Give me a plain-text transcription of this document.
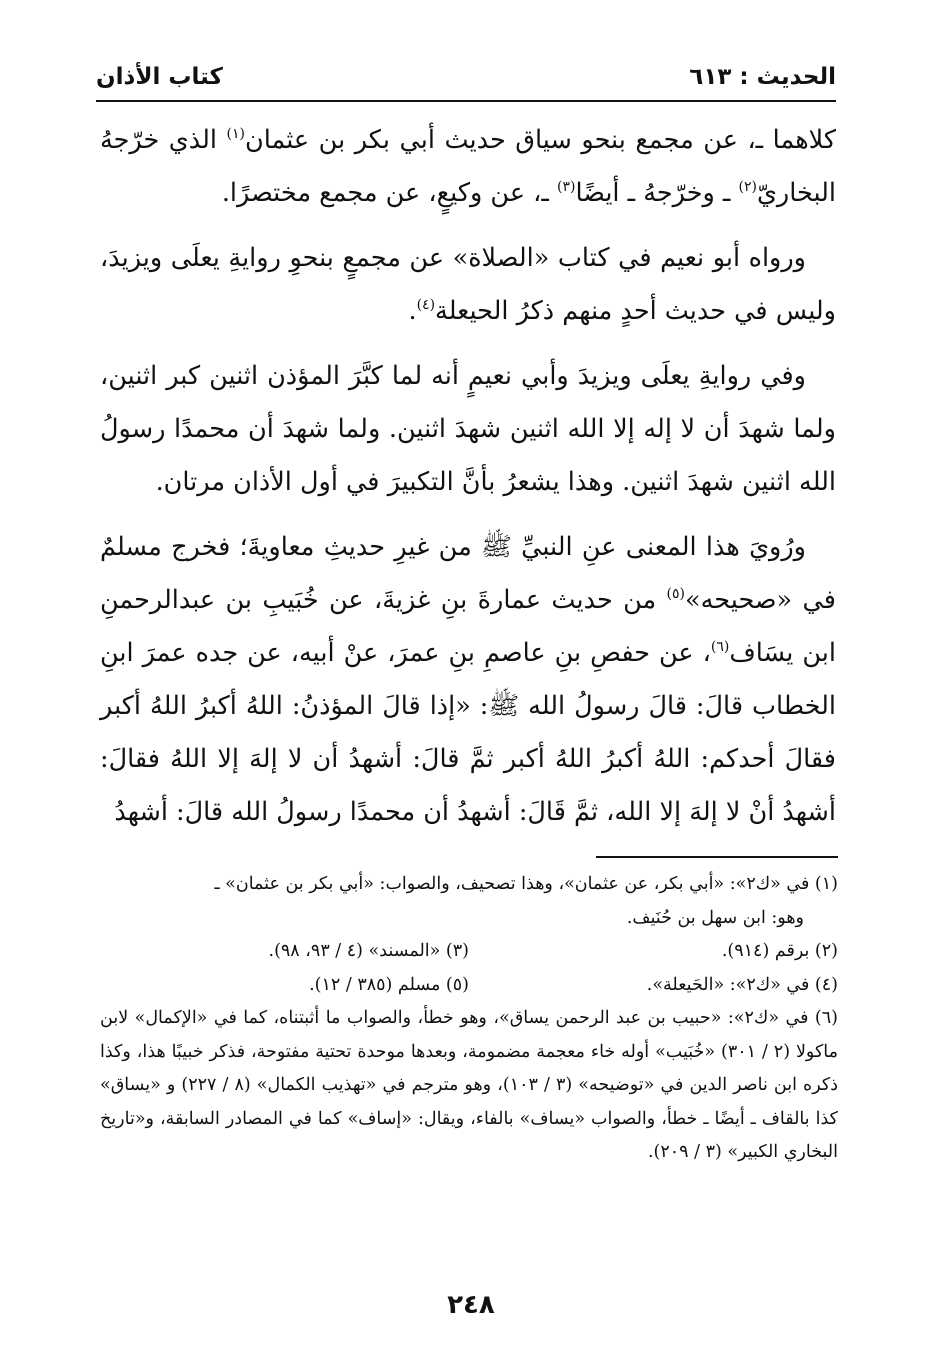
الحديث : ٦١٣
كتاب الأذان

كلاهما ـ، عن مجمع بنحو سياق حديث أبي بكر بن عثمان$^{(١)}$ الذي خرّجهُ البخاريّ$^{(٢)}$ ـ وخرّجهُ ـ أيضًا$^{(٣)}$ ـ، عن وكيعٍ، عن مجمع مختصرًا.

ورواه أبو نعيم في كتاب «الصلاة» عن مجمعٍ بنحوِ روايةِ يعلَى ويزيدَ، وليس في حديث أحدٍ منهم ذكرُ الحيعلة$^{(٤)}$.

وفي روايةِ يعلَى ويزيدَ وأبي نعيمٍ أنه لما كبَّرَ المؤذن اثنين كبر اثنين، ولما شهدَ أن لا إله إلا الله اثنين شهدَ اثنين. ولما شهدَ أن محمدًا رسولُ الله اثنين شهدَ اثنين. وهذا يشعرُ بأنَّ التكبيرَ في أول الأذان مرتان.

ورُويَ هذا المعنى عنِ النبيِّ ﷺ من غيرِ حديثِ معاويةَ؛ فخرج مسلمٌ في «صحيحه»$^{(٥)}$ من حديث عمارةَ بنِ غزيةَ، عن خُبَيبِ بن عبدالرحمنِ ابن يسَاف$^{(٦)}$، عن حفصِ بنِ عاصمِ بنِ عمرَ، عنْ أبيه، عن جده عمرَ ابنِ الخطاب قالَ: قالَ رسولُ الله ﷺ: «إذا قالَ المؤذنُ: اللهُ أكبرُ اللهُ أكبر فقالَ أحدكم: اللهُ أكبرُ اللهُ أكبر ثمَّ قالَ: أشهدُ أن لا إلهَ إلا اللهُ فقالَ: أشهدُ أنْ لا إلهَ إلا الله، ثمَّ قَالَ: أشهدُ أن محمدًا رسولُ الله قالَ: أشهدُ

(١) في «ك٢»: «أبي بكر، عن عثمان»، وهذا تصحيف، والصواب: «أبي بكر بن عثمان» ـ

وهو: ابن سهل بن حُنَيف.

(٢) برقم (٩١٤).
(٣) «المسند» (٤ / ٩٣، ٩٨).
(٤) في «ك٢»: «الحَيعلة».
(٥) مسلم (٣٨٥ / ١٢).

(٦) في «ك٢»: «حبيب بن عبد الرحمن يساق»، وهو خطأ، والصواب ما أثبتناه، كما في «الإكمال» لابن ماكولا (٢ / ٣٠١) «خُبَيب» أوله خاء معجمة مضمومة، وبعدها موحدة تحتية مفتوحة، فذكر خبيبًا هذا، وكذا ذكره ابن ناصر الدين في «توضيحه» (٣ / ١٠٣)، وهو مترجم في «تهذيب الكمال» (٨ / ٢٢٧) و «يساق» كذا بالقاف ـ أيضًا ـ خطأ، والصواب «يساف» بالفاء، ويقال: «إساف» كما في المصادر السابقة، و«تاريخ البخاري الكبير» (٣ / ٢٠٩).

٢٤٨
